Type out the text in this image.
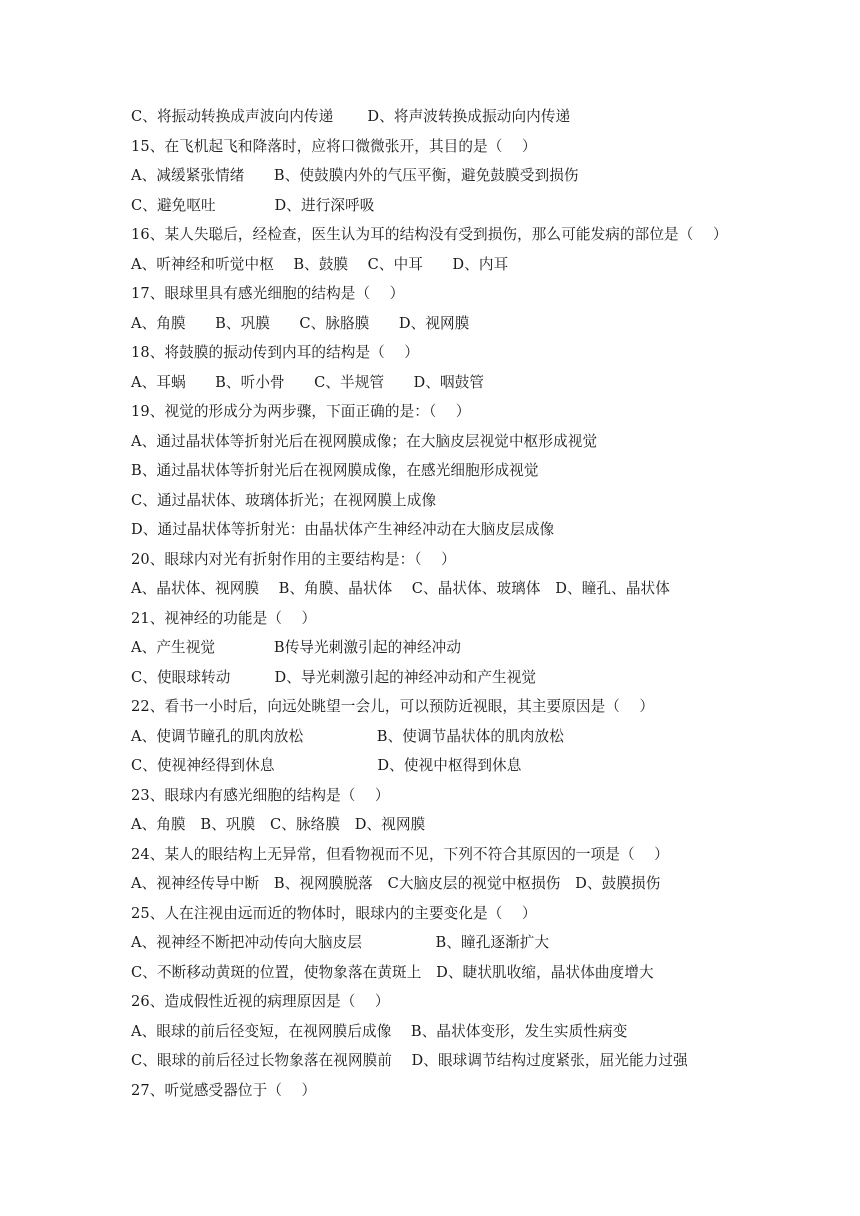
C、将振动转换成声波向内传递　　 D、将声波转换成振动向内传递
15、在飞机起飞和降落时，应将口微微张开，其目的是（　 ）
A、减缓紧张情绪　　B、使鼓膜内外的气压平衡，避免鼓膜受到损伤
C、避免呕吐　　　　D、进行深呼吸
16、某人失聪后，经检查，医生认为耳的结构没有受到损伤，那么可能发病的部位是（　 ）
A、听神经和听觉中枢　 B、鼓膜　 C、中耳　　D、内耳
17、眼球里具有感光细胞的结构是（　 ）
A、角膜　　B、巩膜　　C、脉胳膜　　D、视网膜
18、将鼓膜的振动传到内耳的结构是（　 ）
A、耳蜗　　B、听小骨　　C、半规管　　D、咽鼓管
19、视觉的形成分为两步骤，下面正确的是：（　 ）
A、通过晶状体等折射光后在视网膜成像；在大脑皮层视觉中枢形成视觉
B、通过晶状体等折射光后在视网膜成像，在感光细胞形成视觉
C、通过晶状体、玻璃体折光；在视网膜上成像
D、通过晶状体等折射光：由晶状体产生神经冲动在大脑皮层成像
20、眼球内对光有折射作用的主要结构是：（　 ）
A、晶状体、视网膜　 B、角膜、晶状体　 C、晶状体、玻璃体　D、瞳孔、晶状体
21、视神经的功能是（　 ）
A、产生视觉　　　　B传导光刺激引起的神经冲动
C、使眼球转动　　　D、导光刺激引起的神经冲动和产生视觉
22、看书一小时后，向远处眺望一会儿，可以预防近视眼，其主要原因是（　 ）
A、使调节瞳孔的肌肉放松　　　　　B、使调节晶状体的肌肉放松
C、使视神经得到休息　　　　　　　D、使视中枢得到休息
23、眼球内有感光细胞的结构是（　 ）
A、角膜　B、巩膜　C、脉络膜　D、视网膜
24、某人的眼结构上无异常，但看物视而不见，下列不符合其原因的一项是（　 ）
A、视神经传导中断　B、视网膜脱落　C大脑皮层的视觉中枢损伤　D、鼓膜损伤
25、人在注视由远而近的物体时，眼球内的主要变化是（　 ）
A、视神经不断把冲动传向大脑皮层　　　　　B、瞳孔逐渐扩大
C、不断移动黄斑的位置，使物象落在黄斑上　D、睫状肌收缩，晶状体曲度增大
26、造成假性近视的病理原因是（　 ）
A、眼球的前后径变短，在视网膜后成像　 B、晶状体变形，发生实质性病变
C、眼球的前后径过长物象落在视网膜前　 D、眼球调节结构过度紧张，屈光能力过强
27、听觉感受器位于（　 ）
